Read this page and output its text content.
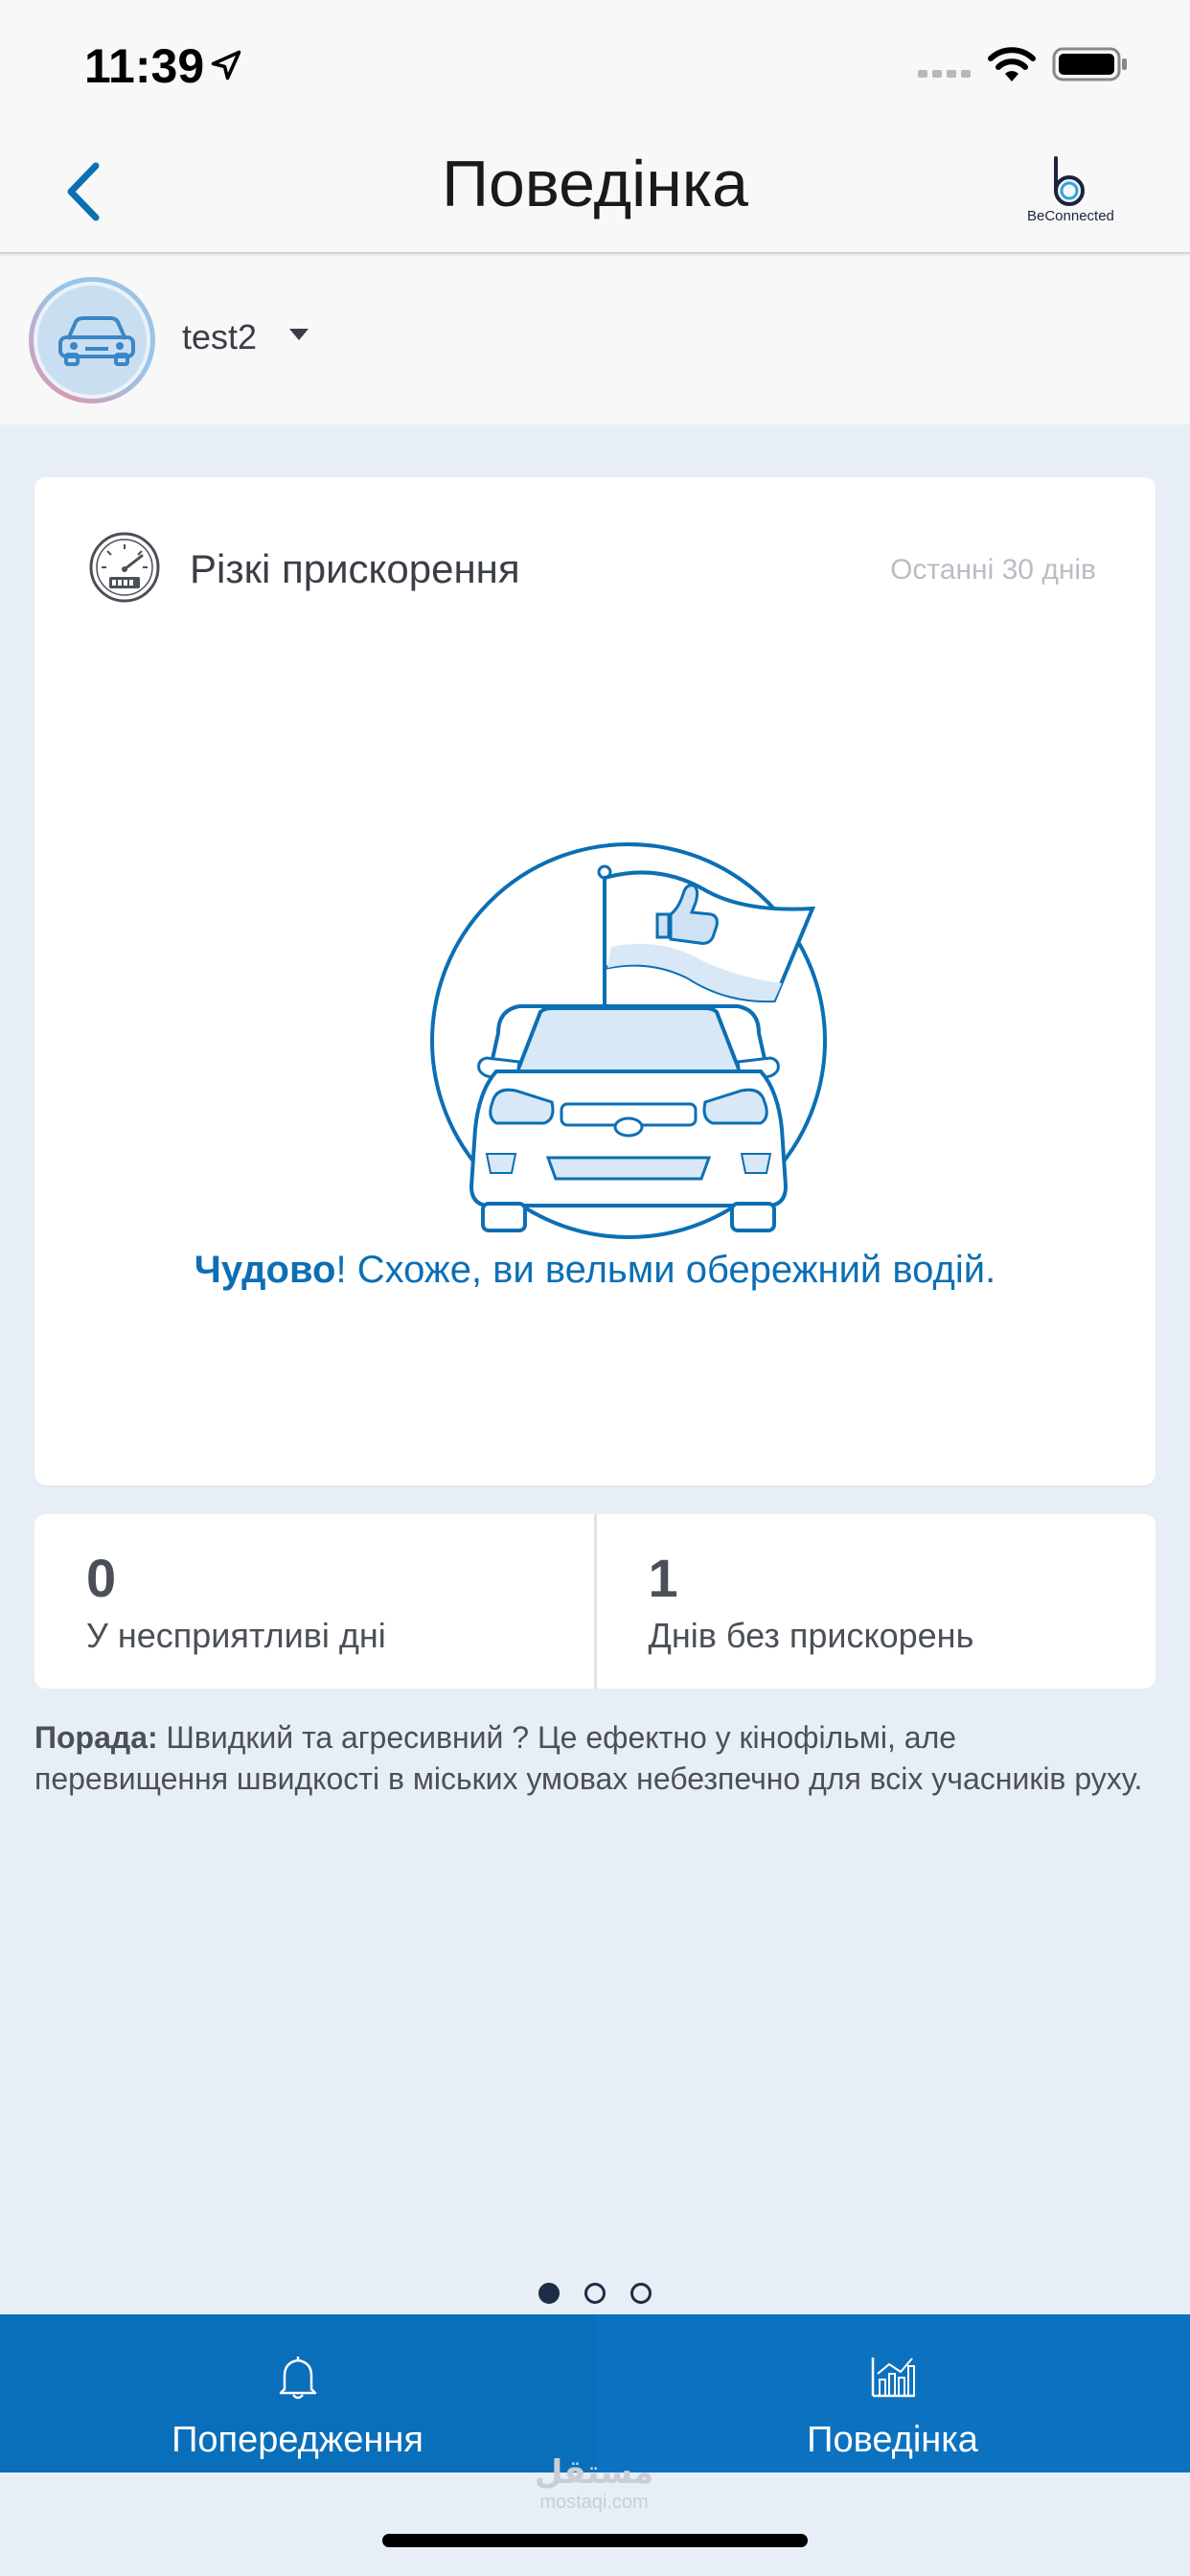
11:39
Поведінка	BeConnected
test2
Різкі прискорення	Останні 30 днів
Чудово! Схоже, ви вельми обережний водій.
0
У несприятливі дні
1
Днів без прискорень
Порада: Швидкий та агресивний ? Це ефектно у кінофільмі, але перевищення швидкості в міських умовах небезпечно для всіх учасників руху.
Попередження	Поведінка
مستقل
mostaqi.com
